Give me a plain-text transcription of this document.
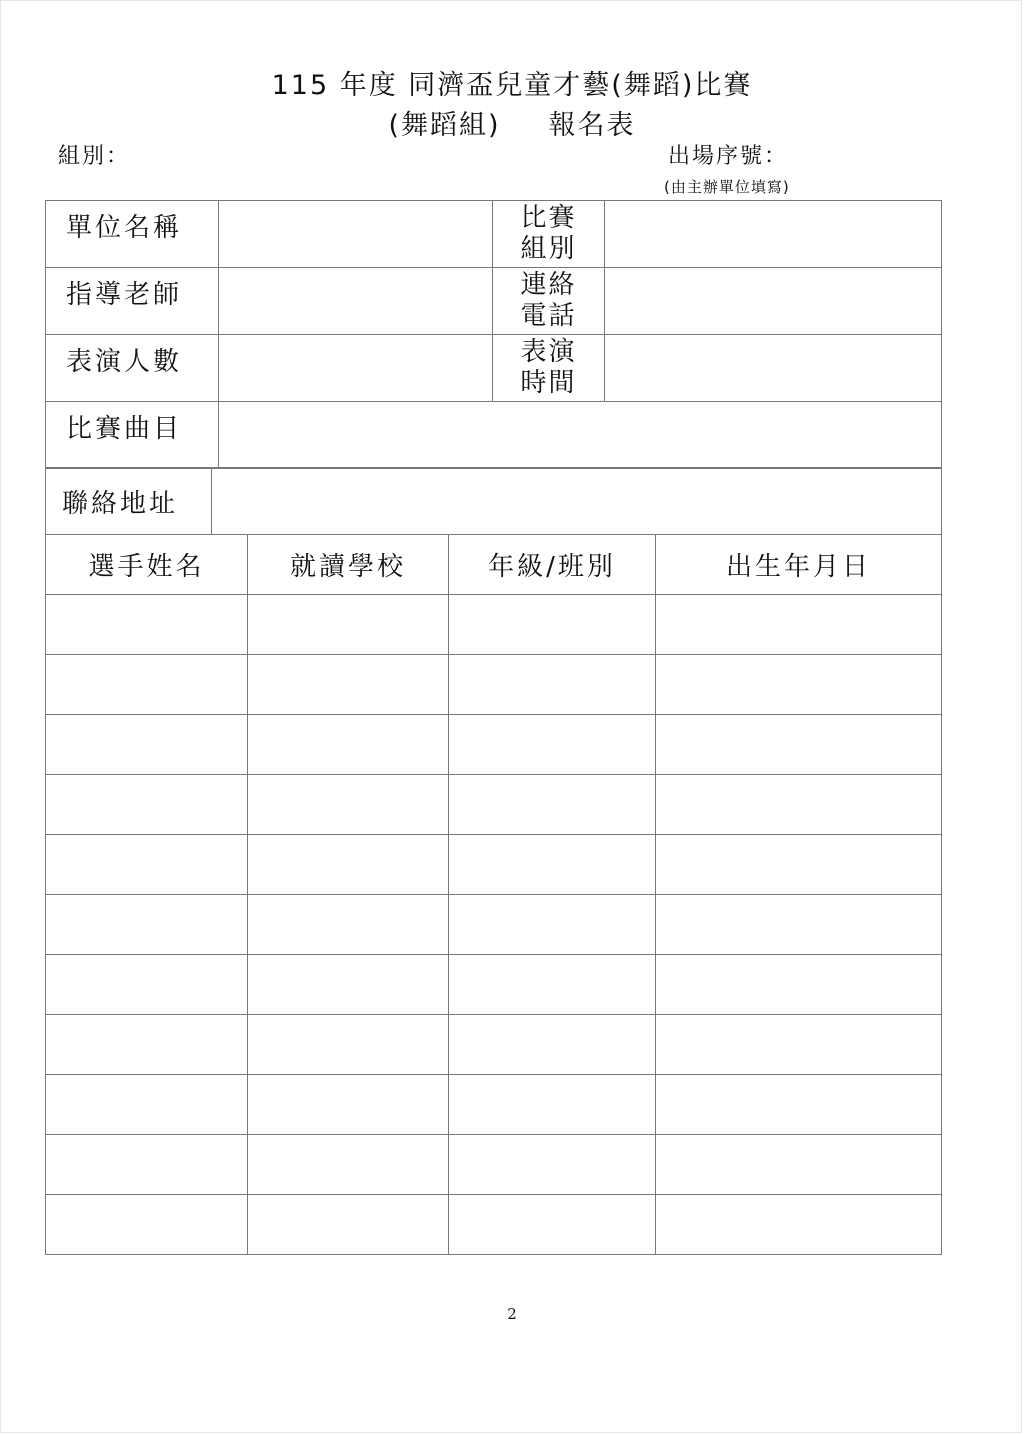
115 年度 同濟盃兒童才藝(舞蹈)比賽
(舞蹈組) 報名表
組別：	出場序號：
(由主辦單位填寫)
單位名稱		比賽
組別	

指導老師		連絡
電話	

表演人數		表演
時間	

比賽曲目			
聯絡地址	
選手姓名	就讀學校	年級/班別	出生年月日

2
